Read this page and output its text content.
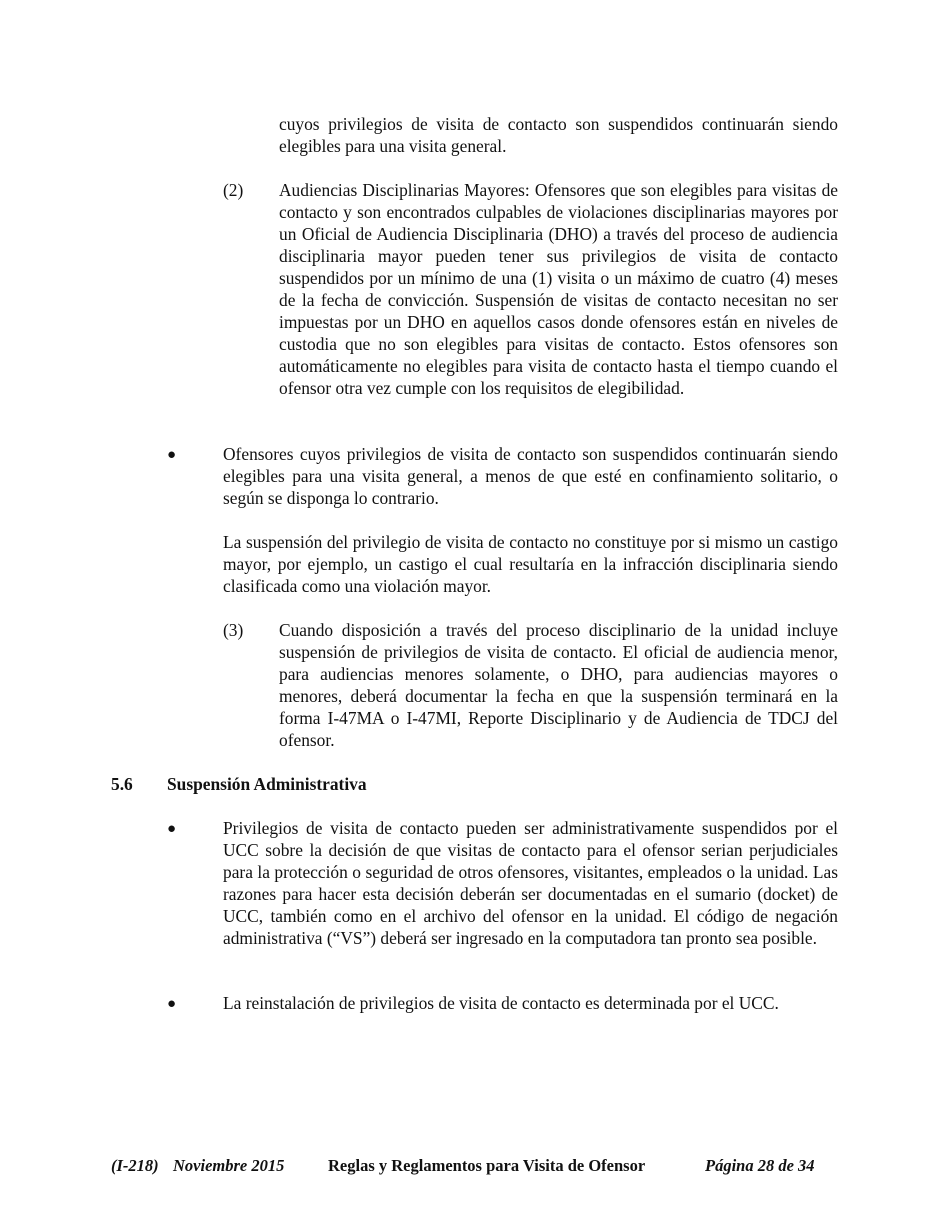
cuyos privilegios de visita de contacto son suspendidos continuarán siendo elegibles para una visita general.

(2) Audiencias Disciplinarias Mayores: Ofensores que son elegibles para visitas de contacto y son encontrados culpables de violaciones disciplinarias mayores por un Oficial de Audiencia Disciplinaria (DHO) a través del proceso de audiencia disciplinaria mayor pueden tener sus privilegios de visita de contacto suspendidos por un mínimo de una (1) visita o un máximo de cuatro (4) meses de la fecha de convicción. Suspensión de visitas de contacto necesitan no ser impuestas por un DHO en aquellos casos donde ofensores están en niveles de custodia que no son elegibles para visitas de contacto. Estos ofensores son automáticamente no elegibles para visita de contacto hasta el tiempo cuando el ofensor otra vez cumple con los requisitos de elegibilidad.

●	Ofensores cuyos privilegios de visita de contacto son suspendidos continuarán siendo elegibles para una visita general, a menos de que esté en confinamiento solitario, o según se disponga lo contrario.

La suspensión del privilegio de visita de contacto no constituye por si mismo un castigo mayor, por ejemplo, un castigo el cual resultaría en la infracción disciplinaria siendo clasificada como una violación mayor.

(3) Cuando disposición a través del proceso disciplinario de la unidad incluye suspensión de privilegios de visita de contacto. El oficial de audiencia menor, para audiencias menores solamente, o DHO, para audiencias mayores o menores, deberá documentar la fecha en que la suspensión terminará en la forma I-47MA o I-47MI, Reporte Disciplinario y de Audiencia de TDCJ del ofensor.

5.6 Suspensión Administrativa
●	Privilegios de visita de contacto pueden ser administrativamente suspendidos por el UCC sobre la decisión de que visitas de contacto para el ofensor serian perjudiciales para la protección o seguridad de otros ofensores, visitantes, empleados o la unidad. Las razones para hacer esta decisión deberán ser documentadas en el sumario (docket) de UCC, también como en el archivo del ofensor en la unidad. El código de negación administrativa (“VS”) deberá ser ingresado en la computadora tan pronto sea posible.

●	La reinstalación de privilegios de visita de contacto es determinada por el UCC.

(I-218) Noviembre 2015	Reglas y Reglamentos para Visita de Ofensor	Página 28 de 34
